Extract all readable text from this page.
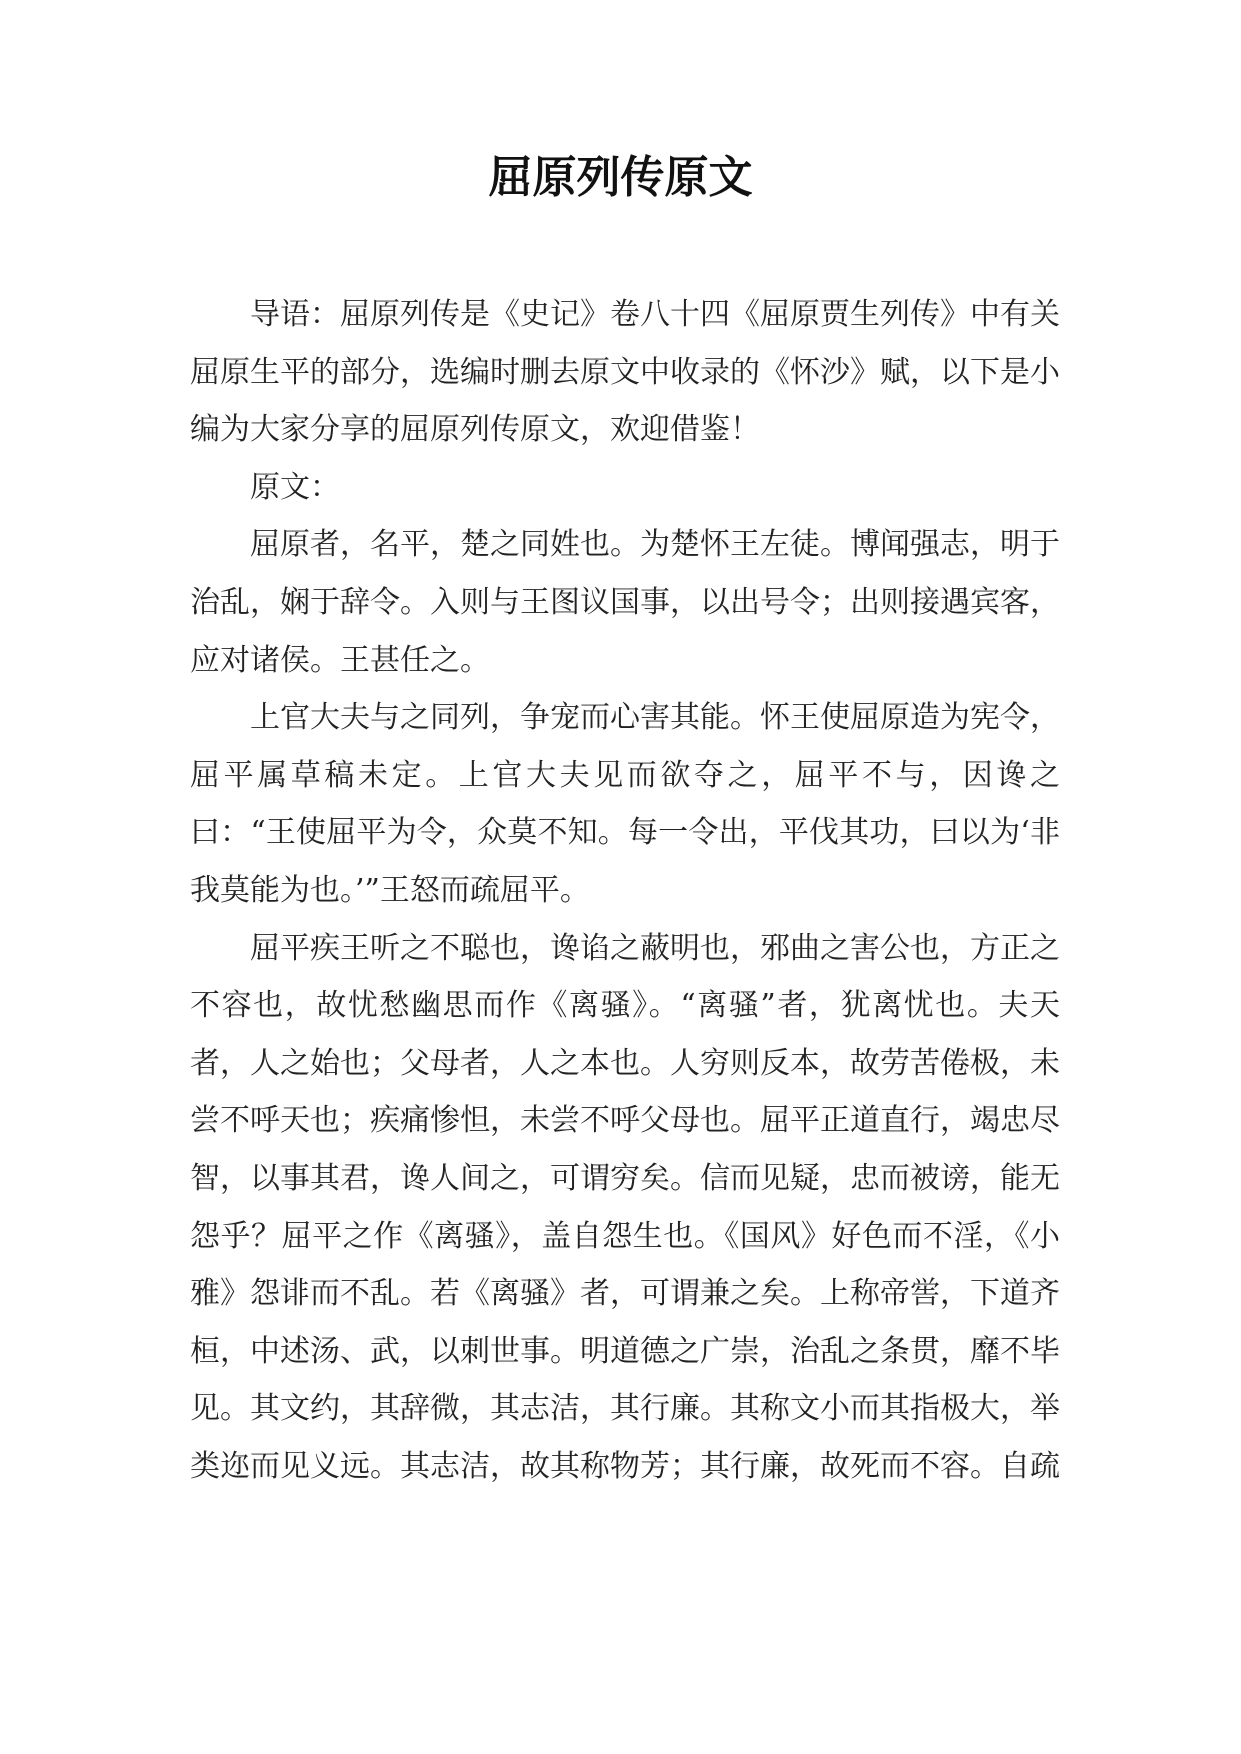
屈原列传原文

导语：屈原列传是《史记》卷八十四《屈原贾生列传》中有关屈原生平的部分，选编时删去原文中收录的《怀沙》赋，以下是小编为大家分享的屈原列传原文，欢迎借鉴！

原文：

屈原者，名平，楚之同姓也。为楚怀王左徒。博闻强志，明于治乱，娴于辞令。入则与王图议国事，以出号令；出则接遇宾客，应对诸侯。王甚任之。

上官大夫与之同列，争宠而心害其能。怀王使屈原造为宪令，屈平属草稿未定。上官大夫见而欲夺之，屈平不与，因谗之曰：“王使屈平为令，众莫不知。每一令出，平伐其功，曰以为‘非我莫能为也。’”王怒而疏屈平。

屈平疾王听之不聪也，谗谄之蔽明也，邪曲之害公也，方正之不容也，故忧愁幽思而作《离骚》。“离骚”者，犹离忧也。夫天者，人之始也；父母者，人之本也。人穷则反本，故劳苦倦极，未尝不呼天也；疾痛惨怛，未尝不呼父母也。屈平正道直行，竭忠尽智，以事其君，谗人间之，可谓穷矣。信而见疑，忠而被谤，能无怨乎？屈平之作《离骚》，盖自怨生也。《国风》好色而不淫，《小雅》怨诽而不乱。若《离骚》者，可谓兼之矣。上称帝喾，下道齐桓，中述汤、武，以刺世事。明道德之广崇，治乱之条贯，靡不毕见。其文约，其辞微，其志洁，其行廉。其称文小而其指极大，举类迩而见义远。其志洁，故其称物芳；其行廉，故死而不容。自疏
